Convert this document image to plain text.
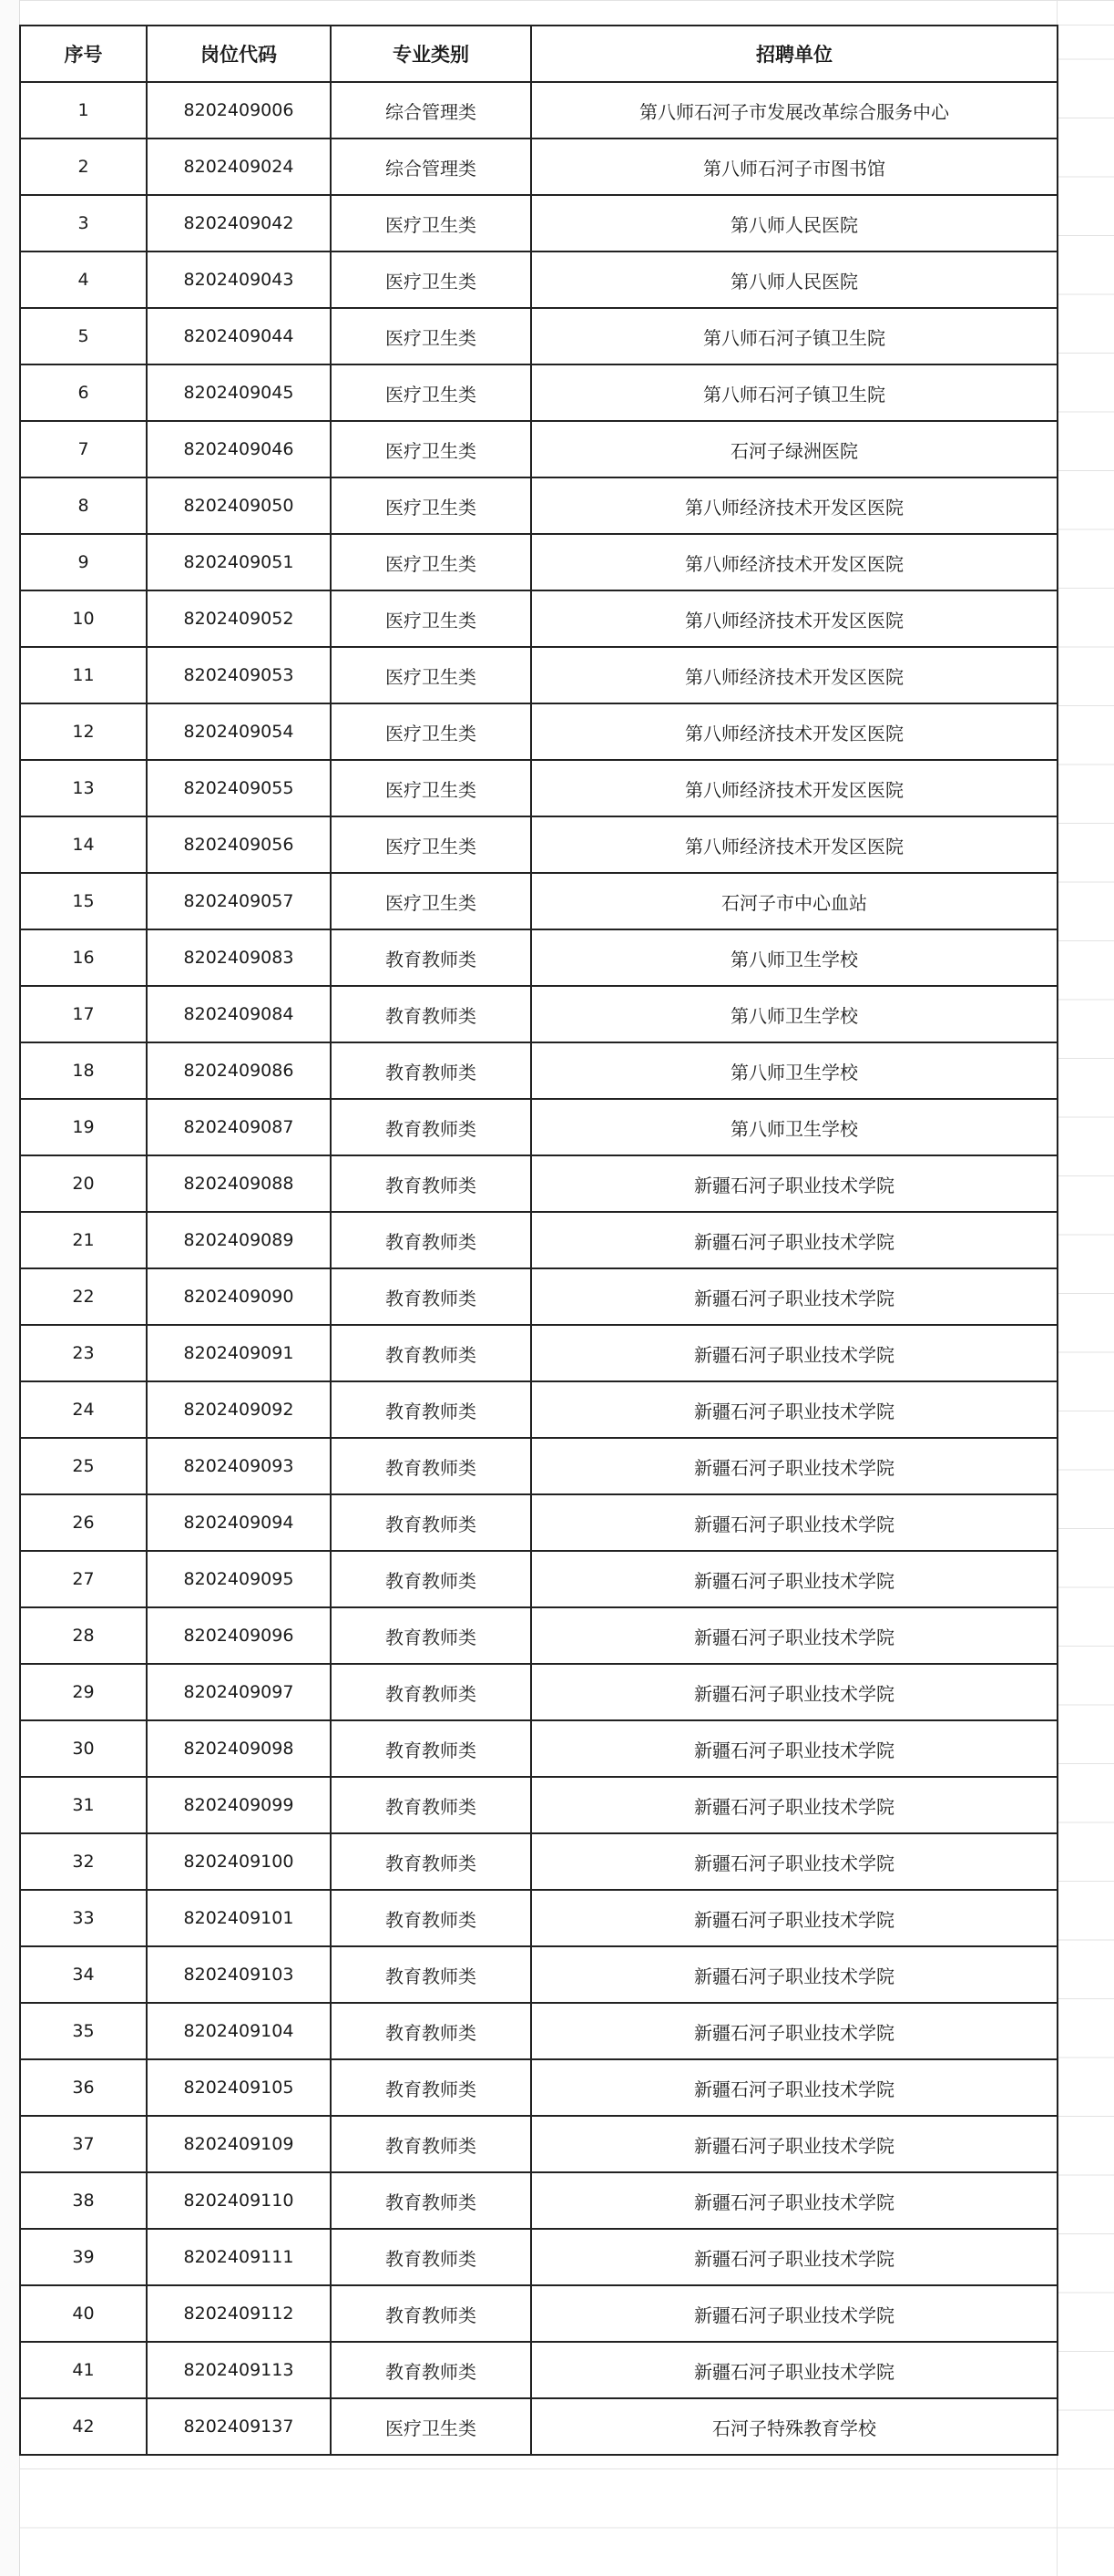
序号	岗位代码	专业类别	招聘单位
1	8202409006	综合管理类	第八师石河子市发展改革综合服务中心
2	8202409024	综合管理类	第八师石河子市图书馆
3	8202409042	医疗卫生类	第八师人民医院
4	8202409043	医疗卫生类	第八师人民医院
5	8202409044	医疗卫生类	第八师石河子镇卫生院
6	8202409045	医疗卫生类	第八师石河子镇卫生院
7	8202409046	医疗卫生类	石河子绿洲医院
8	8202409050	医疗卫生类	第八师经济技术开发区医院
9	8202409051	医疗卫生类	第八师经济技术开发区医院
10	8202409052	医疗卫生类	第八师经济技术开发区医院
11	8202409053	医疗卫生类	第八师经济技术开发区医院
12	8202409054	医疗卫生类	第八师经济技术开发区医院
13	8202409055	医疗卫生类	第八师经济技术开发区医院
14	8202409056	医疗卫生类	第八师经济技术开发区医院
15	8202409057	医疗卫生类	石河子市中心血站
16	8202409083	教育教师类	第八师卫生学校
17	8202409084	教育教师类	第八师卫生学校
18	8202409086	教育教师类	第八师卫生学校
19	8202409087	教育教师类	第八师卫生学校
20	8202409088	教育教师类	新疆石河子职业技术学院
21	8202409089	教育教师类	新疆石河子职业技术学院
22	8202409090	教育教师类	新疆石河子职业技术学院
23	8202409091	教育教师类	新疆石河子职业技术学院
24	8202409092	教育教师类	新疆石河子职业技术学院
25	8202409093	教育教师类	新疆石河子职业技术学院
26	8202409094	教育教师类	新疆石河子职业技术学院
27	8202409095	教育教师类	新疆石河子职业技术学院
28	8202409096	教育教师类	新疆石河子职业技术学院
29	8202409097	教育教师类	新疆石河子职业技术学院
30	8202409098	教育教师类	新疆石河子职业技术学院
31	8202409099	教育教师类	新疆石河子职业技术学院
32	8202409100	教育教师类	新疆石河子职业技术学院
33	8202409101	教育教师类	新疆石河子职业技术学院
34	8202409103	教育教师类	新疆石河子职业技术学院
35	8202409104	教育教师类	新疆石河子职业技术学院
36	8202409105	教育教师类	新疆石河子职业技术学院
37	8202409109	教育教师类	新疆石河子职业技术学院
38	8202409110	教育教师类	新疆石河子职业技术学院
39	8202409111	教育教师类	新疆石河子职业技术学院
40	8202409112	教育教师类	新疆石河子职业技术学院
41	8202409113	教育教师类	新疆石河子职业技术学院
42	8202409137	医疗卫生类	石河子特殊教育学校
